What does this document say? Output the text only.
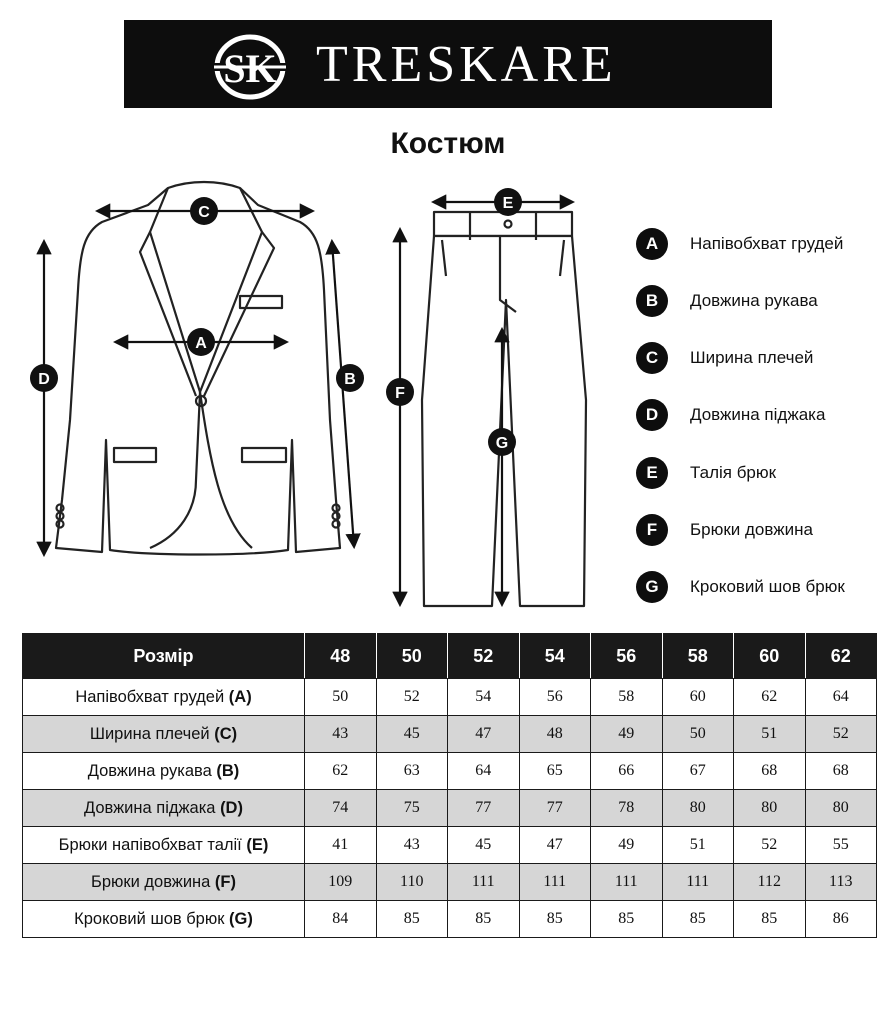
SK TRESKARE
Костюм
C
A
D	B
E
F
G
A	Напівобхват грудей
B	Довжина рукава
C	Ширина плечей
D	Довжина піджака
E	Талія брюк
F	Брюки довжина
G	Кроковий шов брюк
Розмір	48	50	52	54	56	58	60	62
Напівобхват грудей (A)	50	52	54	56	58	60	62	64
Ширина плечей (C)	43	45	47	48	49	50	51	52
Довжина рукава (B)	62	63	64	65	66	67	68	68
Довжина піджака (D)	74	75	77	77	78	80	80	80
Брюки напівобхват талії (E)	41	43	45	47	49	51	52	55
Брюки довжина (F)	109	110	111	111	111	111	112	113
Кроковий шов брюк (G)	84	85	85	85	85	85	85	86
